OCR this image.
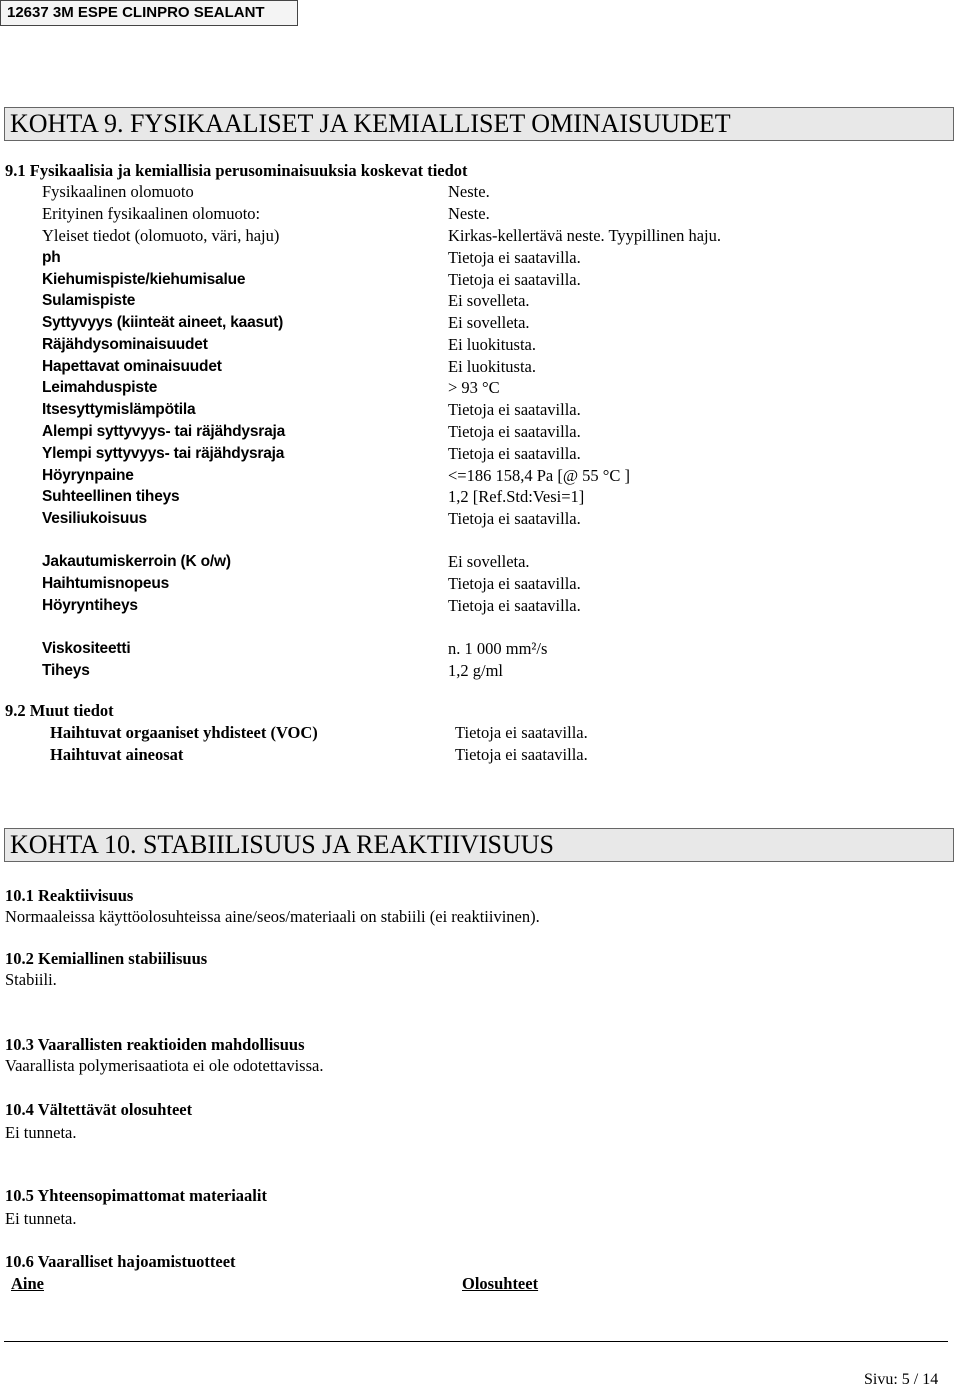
12637 3M ESPE CLINPRO SEALANT
KOHTA 9. FYSIKAALISET JA KEMIALLISET OMINAISUUDET
9.1 Fysikaalisia ja kemiallisia perusominaisuuksia koskevat tiedot
Fysikaalinen olomuoto	Neste.
Erityinen fysikaalinen olomuoto:	Neste.
Yleiset tiedot (olomuoto, väri, haju)	Kirkas-kellertävä neste. Tyypillinen haju.
ph	Tietoja ei saatavilla.
Kiehumispiste/kiehumisalue	Tietoja ei saatavilla.
Sulamispiste	Ei sovelleta.
Syttyvyys (kiinteät aineet, kaasut)	Ei sovelleta.
Räjähdysominaisuudet	Ei luokitusta.
Hapettavat ominaisuudet	Ei luokitusta.
Leimahduspiste	> 93 °C
Itsesyttymislämpötila	Tietoja ei saatavilla.
Alempi syttyvyys- tai räjähdysraja	Tietoja ei saatavilla.
Ylempi syttyvyys- tai räjähdysraja	Tietoja ei saatavilla.
Höyrynpaine	<=186 158,4 Pa [@ 55 °C ]
Suhteellinen tiheys	1,2 [Ref.Std:Vesi=1]
Vesiliukoisuus	Tietoja ei saatavilla.
Jakautumiskerroin (K o/w)	Ei sovelleta.
Haihtumisnopeus	Tietoja ei saatavilla.
Höyryntiheys	Tietoja ei saatavilla.
Viskositeetti	n. 1 000 mm²/s
Tiheys	1,2 g/ml
9.2 Muut tiedot
Haihtuvat orgaaniset yhdisteet (VOC)	Tietoja ei saatavilla.
Haihtuvat aineosat	Tietoja ei saatavilla.
KOHTA 10. STABIILISUUS JA REAKTIIVISUUS
10.1 Reaktiivisuus
Normaaleissa käyttöolosuhteissa aine/seos/materiaali on stabiili (ei reaktiivinen).
10.2 Kemiallinen stabiilisuus
Stabiili.
10.3 Vaarallisten reaktioiden mahdollisuus
Vaarallista polymerisaatiota ei ole odotettavissa.
10.4 Vältettävät olosuhteet
Ei tunneta.
10.5 Yhteensopimattomat materiaalit
Ei tunneta.
10.6 Vaaralliset hajoamistuotteet
Aine	Olosuhteet
Sivu: 5 / 14
